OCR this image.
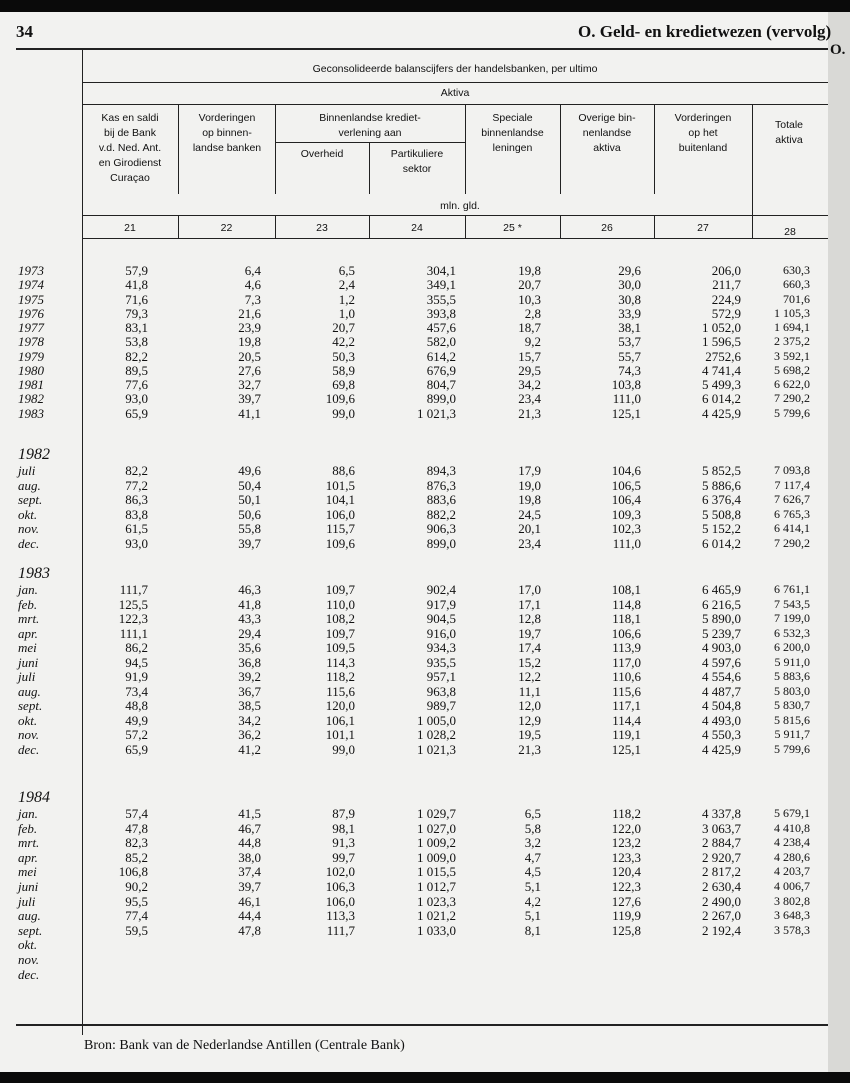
O.
34	O. Geld- en kredietwezen (vervolg)
Geconsolideerde balanscijfers der handelsbanken, per ultimo
Aktiva
Kas en saldi
bij de Bank
v.d. Ned. Ant.
en Girodienst
Curaçao
Vorderingen
op binnen-
landse banken
Binnenlandse krediet-
verlening aan
Overheid	Partikuliere
sektor
Speciale
binnenlandse
leningen
Overige bin-
nenlandse
aktiva
Vorderingen
op het
buitenland
Totale
aktiva
mln. gld.
21	22	23	24	25 *	26	27	28
1973	57,9	6,4	6,5	304,1	19,8	29,6	206,0	630,3
1974	41,8	4,6	2,4	349,1	20,7	30,0	211,7	660,3
1975	71,6	7,3	1,2	355,5	10,3	30,8	224,9	701,6
1976	79,3	21,6	1,0	393,8	2,8	33,9	572,9	1 105,3
1977	83,1	23,9	20,7	457,6	18,7	38,1	1 052,0	1 694,1
1978	53,8	19,8	42,2	582,0	9,2	53,7	1 596,5	2 375,2
1979	82,2	20,5	50,3	614,2	15,7	55,7	2752,6	3 592,1
1980	89,5	27,6	58,9	676,9	29,5	74,3	4 741,4	5 698,2
1981	77,6	32,7	69,8	804,7	34,2	103,8	5 499,3	6 622,0
1982	93,0	39,7	109,6	899,0	23,4	111,0	6 014,2	7 290,2
1983	65,9	41,1	99,0	1 021,3	21,3	125,1	4 425,9	5 799,6
1982
juli	82,2	49,6	88,6	894,3	17,9	104,6	5 852,5	7 093,8
aug.	77,2	50,4	101,5	876,3	19,0	106,5	5 886,6	7 117,4
sept.	86,3	50,1	104,1	883,6	19,8	106,4	6 376,4	7 626,7
okt.	83,8	50,6	106,0	882,2	24,5	109,3	5 508,8	6 765,3
nov.	61,5	55,8	115,7	906,3	20,1	102,3	5 152,2	6 414,1
dec.	93,0	39,7	109,6	899,0	23,4	111,0	6 014,2	7 290,2
1983
jan.	111,7	46,3	109,7	902,4	17,0	108,1	6 465,9	6 761,1
feb.	125,5	41,8	110,0	917,9	17,1	114,8	6 216,5	7 543,5
mrt.	122,3	43,3	108,2	904,5	12,8	118,1	5 890,0	7 199,0
apr.	111,1	29,4	109,7	916,0	19,7	106,6	5 239,7	6 532,3
mei	86,2	35,6	109,5	934,3	17,4	113,9	4 903,0	6 200,0
juni	94,5	36,8	114,3	935,5	15,2	117,0	4 597,6	5 911,0
juli	91,9	39,2	118,2	957,1	12,2	110,6	4 554,6	5 883,6
aug.	73,4	36,7	115,6	963,8	11,1	115,6	4 487,7	5 803,0
sept.	48,8	38,5	120,0	989,7	12,0	117,1	4 504,8	5 830,7
okt.	49,9	34,2	106,1	1 005,0	12,9	114,4	4 493,0	5 815,6
nov.	57,2	36,2	101,1	1 028,2	19,5	119,1	4 550,3	5 911,7
dec.	65,9	41,2	99,0	1 021,3	21,3	125,1	4 425,9	5 799,6
1984
jan.	57,4	41,5	87,9	1 029,7	6,5	118,2	4 337,8	5 679,1
feb.	47,8	46,7	98,1	1 027,0	5,8	122,0	3 063,7	4 410,8
mrt.	82,3	44,8	91,3	1 009,2	3,2	123,2	2 884,7	4 238,4
apr.	85,2	38,0	99,7	1 009,0	4,7	123,3	2 920,7	4 280,6
mei	106,8	37,4	102,0	1 015,5	4,5	120,4	2 817,2	4 203,7
juni	90,2	39,7	106,3	1 012,7	5,1	122,3	2 630,4	4 006,7
juli	95,5	46,1	106,0	1 023,3	4,2	127,6	2 490,0	3 802,8
aug.	77,4	44,4	113,3	1 021,2	5,1	119,9	2 267,0	3 648,3
sept.	59,5	47,8	111,7	1 033,0	8,1	125,8	2 192,4	3 578,3
okt.
nov.
dec.
Bron: Bank van de Nederlandse Antillen (Centrale Bank)
